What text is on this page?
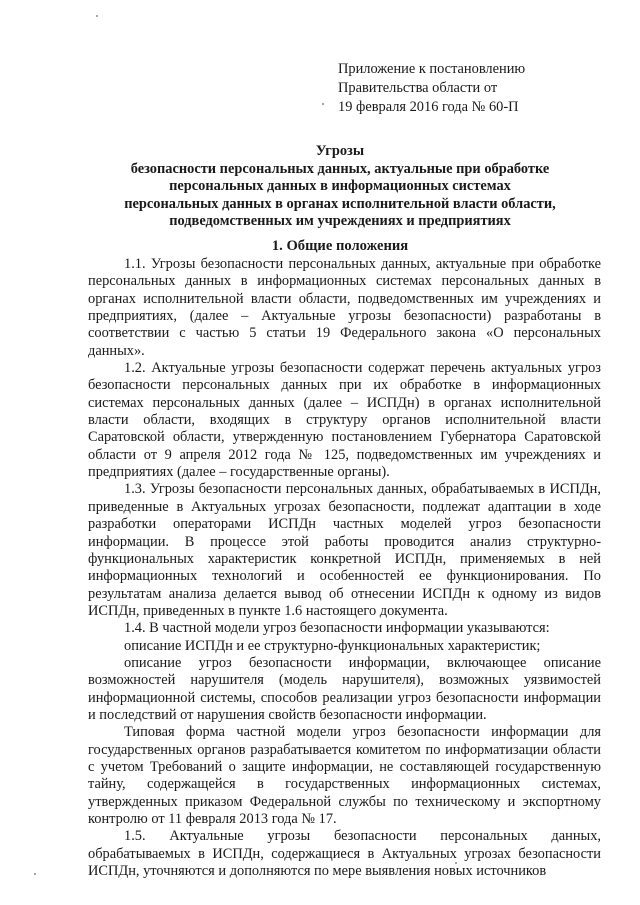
Приложение к постановлению
Правительства области от
19 февраля 2016 года № 60-П
Угрозы
безопасности персональных данных, актуальные при обработке
персональных данных в информационных системах
персональных данных в органах исполнительной власти области,
подведомственных им учреждениях и предприятиях
1. Общие положения

1.1. Угрозы безопасности персональных данных, актуальные при обработке персональных данных в информационных системах персональных данных в органах исполнительной власти области, подведомственных им учреждениях и предприятиях, (далее – Актуальные угрозы безопасности) разработаны в соответствии с частью 5 статьи 19 Федерального закона «О персональных данных».

1.2. Актуальные угрозы безопасности содержат перечень актуальных угроз безопасности персональных данных при их обработке в информационных системах персональных данных (далее – ИСПДн) в органах исполнительной власти области, входящих в структуру органов исполнительной власти Саратовской области, утвержденную постановлением Губернатора Саратовской области от 9 апреля 2012 года № 125, подведомственных им учреждениях и предприятиях (далее – государственные органы).

1.3. Угрозы безопасности персональных данных, обрабатываемых в ИСПДн, приведенные в Актуальных угрозах безопасности, подлежат адаптации в ходе разработки операторами ИСПДн частных моделей угроз безопасности информации. В процессе этой работы проводится анализ структурно-функциональных характеристик конкретной ИСПДн, применяемых в ней информационных технологий и особенностей ее функционирования. По результатам анализа делается вывод об отнесении ИСПДн к одному из видов ИСПДн, приведенных в пункте 1.6 настоящего документа.

1.4. В частной модели угроз безопасности информации указываются:

описание ИСПДн и ее структурно-функциональных характеристик;

описание угроз безопасности информации, включающее описание возможностей нарушителя (модель нарушителя), возможных уязвимостей информационной системы, способов реализации угроз безопасности информации и последствий от нарушения свойств безопасности информации.

Типовая форма частной модели угроз безопасности информации для государственных органов разрабатывается комитетом по информатизации области с учетом Требований о защите информации, не составляющей государственную тайну, содержащейся в государственных информационных системах, утвержденных приказом Федеральной службы по техническому и экспортному контролю от 11 февраля 2013 года № 17.

1.5. Актуальные угрозы безопасности персональных данных, обрабатываемых в ИСПДн, содержащиеся в Актуальных угрозах безопасности ИСПДн, уточняются и дополняются по мере выявления новых источников
